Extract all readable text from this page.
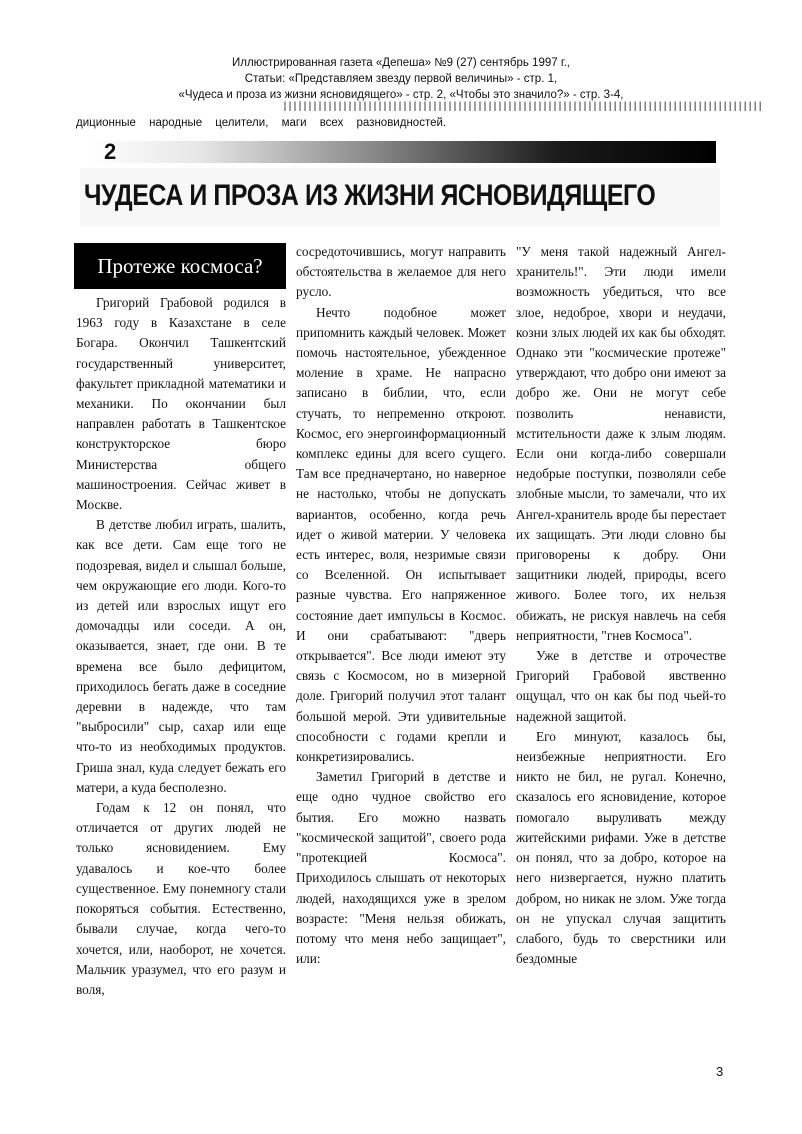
Иллюстрированная газета «Депеша» №9 (27) сентябрь 1997 г.,
Статьи: «Представляем звезду первой величины» - стр. 1,
«Чудеса и проза из жизни ясновидящего» - стр. 2, «Чтобы это значило?» - стр. 3-4,
||||||||||||||||||||||||||||||||||||||||||||||||||||||||||||||||||||||||||||||||||||||||||||||||
диционные народные целители, маги всех разновидностей.
2
ЧУДЕСА И ПРОЗА ИЗ ЖИЗНИ ЯСНОВИДЯЩЕГО
Протеже космоса?

Григорий Грабовой родился в 1963 году в Казахстане в селе Богара. Окончил Ташкентский государственный университет, факультет прикладной математики и механики. По окончании был направлен работать в Ташкентское конструкторское бюро Министерства общего машиностроения. Сейчас живет в Москве.

В детстве любил играть, шалить, как все дети. Сам еще того не подозревая, видел и слышал больше, чем окружающие его люди. Кого-то из детей или взрослых ищут его домочадцы или соседи. А он, оказывается, знает, где они. В те времена все было дефицитом, приходилось бегать даже в соседние деревни в надежде, что там "выбросили" сыр, сахар или еще что-то из необходимых продуктов. Гриша знал, куда следует бежать его матери, а куда бесполезно.

Годам к 12 он понял, что отличается от других людей не только ясновидением. Ему удавалось и кое-что более существенное. Ему понемногу стали покоряться события. Естественно, бывали случае, когда чего-то хочется, или, наоборот, не хочется. Мальчик уразумел, что его разум и воля,

сосредоточившись, могут направить обстоятельства в желаемое для него русло.

Нечто подобное может припомнить каждый человек. Может помочь настоятельное, убежденное моление в храме. Не напрасно записано в библии, что, если стучать, то непременно откроют. Космос, его энергоинформационный комплекс едины для всего сущего. Там все предначертано, но наверное не настолько, чтобы не допускать вариантов, особенно, когда речь идет о живой материи. У человека есть интерес, воля, незримые связи со Вселенной. Он испытывает разные чувства. Его напряженное состояние дает импульсы в Космос. И они срабатывают: "дверь открывается". Все люди имеют эту связь с Космосом, но в мизерной доле. Григорий получил этот талант большой мерой. Эти удивительные способности с годами крепли и конкретизировались.

Заметил Григорий в детстве и еще одно чудное свойство его бытия. Его можно назвать "космической защитой", своего рода "протекцией Космоса". Приходилось слышать от некоторых людей, находящихся уже в зрелом возрасте: "Меня нельзя обижать, потому что меня небо защищает", или:

"У меня такой надежный Ангел-хранитель!". Эти люди имели возможность убедиться, что все злое, недоброе, хвори и неудачи, козни злых людей их как бы обходят. Однако эти "космические протеже" утверждают, что добро они имеют за добро же. Они не могут себе позволить ненависти, мстительности даже к злым людям. Если они когда-либо совершали недобрые поступки, позволяли себе злобные мысли, то замечали, что их Ангел-хранитель вроде бы перестает их защищать. Эти люди словно бы приговорены к добру. Они защитники людей, природы, всего живого. Более того, их нельзя обижать, не рискуя навлечь на себя неприятности, "гнев Космоса".

Уже в детстве и отрочестве Григорий Грабовой явственно ощущал, что он как бы под чьей-то надежной защитой.

Его минуют, казалось бы, неизбежные неприятности. Его никто не бил, не ругал. Конечно, сказалось его ясновидение, которое помогало выруливать между житейскими рифами. Уже в детстве он понял, что за добро, которое на него низвергается, нужно платить добром, но никак не злом. Уже тогда он не упускал случая защитить слабого, будь то сверстники или бездомные

3
